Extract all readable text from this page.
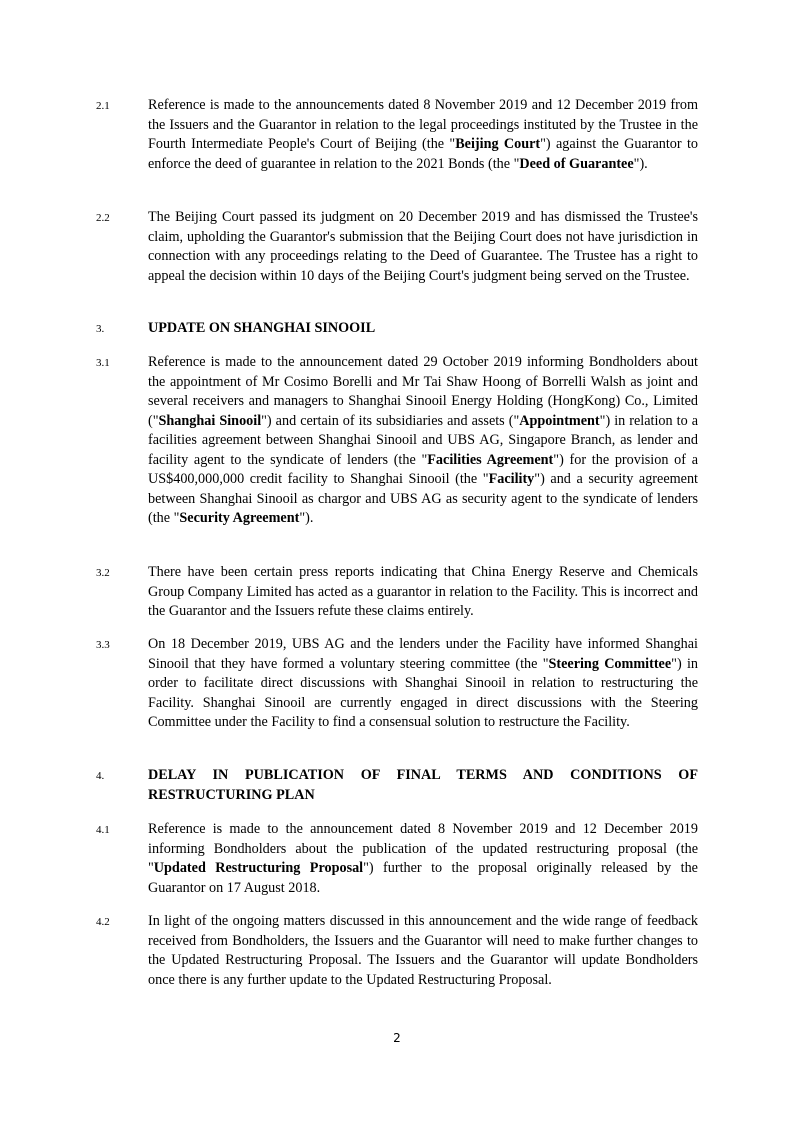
2.1	Reference is made to the announcements dated 8 November 2019 and 12 December 2019 from the Issuers and the Guarantor in relation to the legal proceedings instituted by the Trustee in the Fourth Intermediate People's Court of Beijing (the "Beijing Court") against the Guarantor to enforce the deed of guarantee in relation to the 2021 Bonds (the "Deed of Guarantee").
2.2	The Beijing Court passed its judgment on 20 December 2019 and has dismissed the Trustee's claim, upholding the Guarantor's submission that the Beijing Court does not have jurisdiction in connection with any proceedings relating to the Deed of Guarantee. The Trustee has a right to appeal the decision within 10 days of the Beijing Court's judgment being served on the Trustee.
3.	UPDATE ON SHANGHAI SINOOIL
3.1	Reference is made to the announcement dated 29 October 2019 informing Bondholders about the appointment of Mr Cosimo Borelli and Mr Tai Shaw Hoong of Borrelli Walsh as joint and several receivers and managers to Shanghai Sinooil Energy Holding (HongKong) Co., Limited ("Shanghai Sinooil") and certain of its subsidiaries and assets ("Appointment") in relation to a facilities agreement between Shanghai Sinooil and UBS AG, Singapore Branch, as lender and facility agent to the syndicate of lenders (the "Facilities Agreement") for the provision of a US$400,000,000 credit facility to Shanghai Sinooil (the "Facility") and a security agreement between Shanghai Sinooil as chargor and UBS AG as security agent to the syndicate of lenders (the "Security Agreement").
3.2	There have been certain press reports indicating that China Energy Reserve and Chemicals Group Company Limited has acted as a guarantor in relation to the Facility. This is incorrect and the Guarantor and the Issuers refute these claims entirely.
3.3	On 18 December 2019, UBS AG and the lenders under the Facility have informed Shanghai Sinooil that they have formed a voluntary steering committee (the "Steering Committee") in order to facilitate direct discussions with Shanghai Sinooil in relation to restructuring the Facility. Shanghai Sinooil are currently engaged in direct discussions with the Steering Committee under the Facility to find a consensual solution to restructure the Facility.
4.	DELAY IN PUBLICATION OF FINAL TERMS AND CONDITIONS OF RESTRUCTURING PLAN
4.1	Reference is made to the announcement dated 8 November 2019 and 12 December 2019 informing Bondholders about the publication of the updated restructuring proposal (the "Updated Restructuring Proposal") further to the proposal originally released by the Guarantor on 17 August 2018.
4.2	In light of the ongoing matters discussed in this announcement and the wide range of feedback received from Bondholders, the Issuers and the Guarantor will need to make further changes to the Updated Restructuring Proposal. The Issuers and the Guarantor will update Bondholders once there is any further update to the Updated Restructuring Proposal.
2
